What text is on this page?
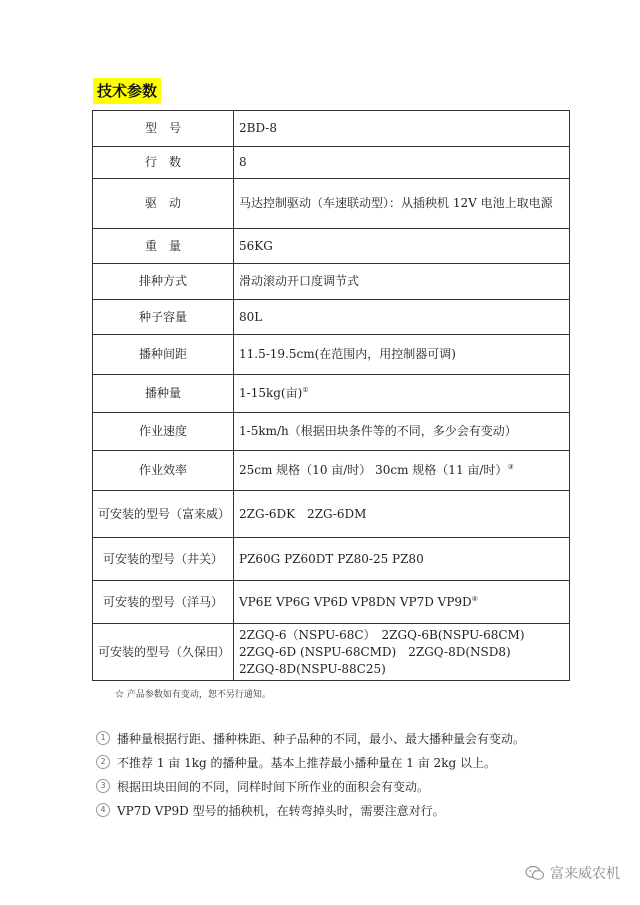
技术参数
型　号	2BD-8
行　数	8
驱　动	马达控制驱动（车速联动型）：从插秧机 12V 电池上取电源
重　量	56KG
排种方式	滑动滚动开口度调节式
种子容量	80L
播种间距	11.5-19.5cm(在范围内，用控制器可调)
播种量	1-15kg(亩)①
作业速度	1-5km/h（根据田块条件等的不同，多少会有变动）
作业效率	25cm 规格（10 亩/时） 30cm 规格（11 亩/时）③
可安装的型号（富来威）	2ZG-6DK　2ZG-6DM
可安装的型号（井关）	PZ60G PZ60DT PZ80-25 PZ80
可安装的型号（洋马）	VP6E VP6G VP6D VP8DN VP7D VP9D④
可安装的型号（久保田）	2ZGQ-6（NSPU-68C）　2ZGQ-6B(NSPU-68CM)
2ZGQ-6D (NSPU-68CMD)　2ZGQ-8D(NSD8)
2ZGQ-8D(NSPU-88C25)
☆ 产品参数如有变动，恕不另行通知。
1 播种量根据行距、播种株距、种子品种的不同，最小、最大播种量会有变动。
2 不推荐 1 亩 1kg 的播种量。基本上推荐最小播种量在 1 亩 2kg 以上。
3 根据田块田间的不同，同样时间下所作业的面积会有变动。
4 VP7D VP9D 型号的插秧机，在转弯掉头时，需要注意对行。
富来威农机
